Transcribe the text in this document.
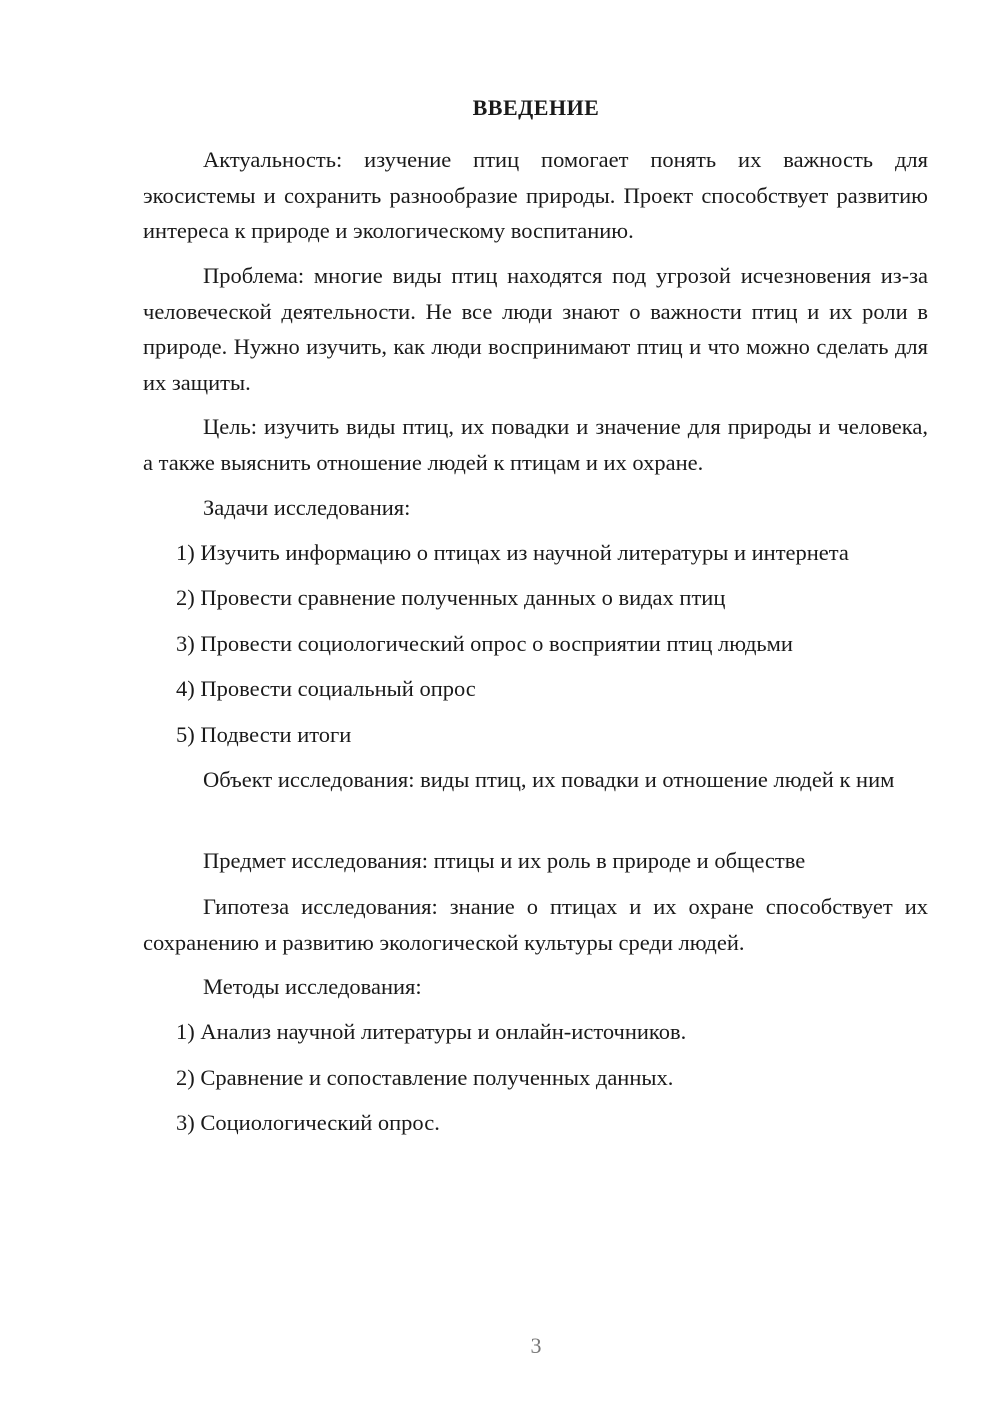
ВВЕДЕНИЕ

Актуальность: изучение птиц помогает понять их важность для экосистемы и сохранить разнообразие природы. Проект способствует развитию интереса к природе и экологическому воспитанию.

Проблема: многие виды птиц находятся под угрозой исчезновения из-за человеческой деятельности. Не все люди знают о важности птиц и их роли в природе. Нужно изучить, как люди воспринимают птиц и что можно сделать для их защиты.

Цель: изучить виды птиц, их повадки и значение для природы и человека, а также выяснить отношение людей к птицам и их охране.

Задачи исследования:

1) Изучить информацию о птицах из научной литературы и интернета

2) Провести сравнение полученных данных о видах птиц

3) Провести социологический опрос о восприятии птиц людьми

4) Провести социальный опрос

5) Подвести итоги

Объект исследования: виды птиц, их повадки и отношение людей к ним

Предмет исследования: птицы и их роль в природе и обществе

Гипотеза исследования: знание о птицах и их охране способствует их сохранению и развитию экологической культуры среди людей.

Методы исследования:

1) Анализ научной литературы и онлайн-источников.

2) Сравнение и сопоставление полученных данных.

3) Социологический опрос.

3
